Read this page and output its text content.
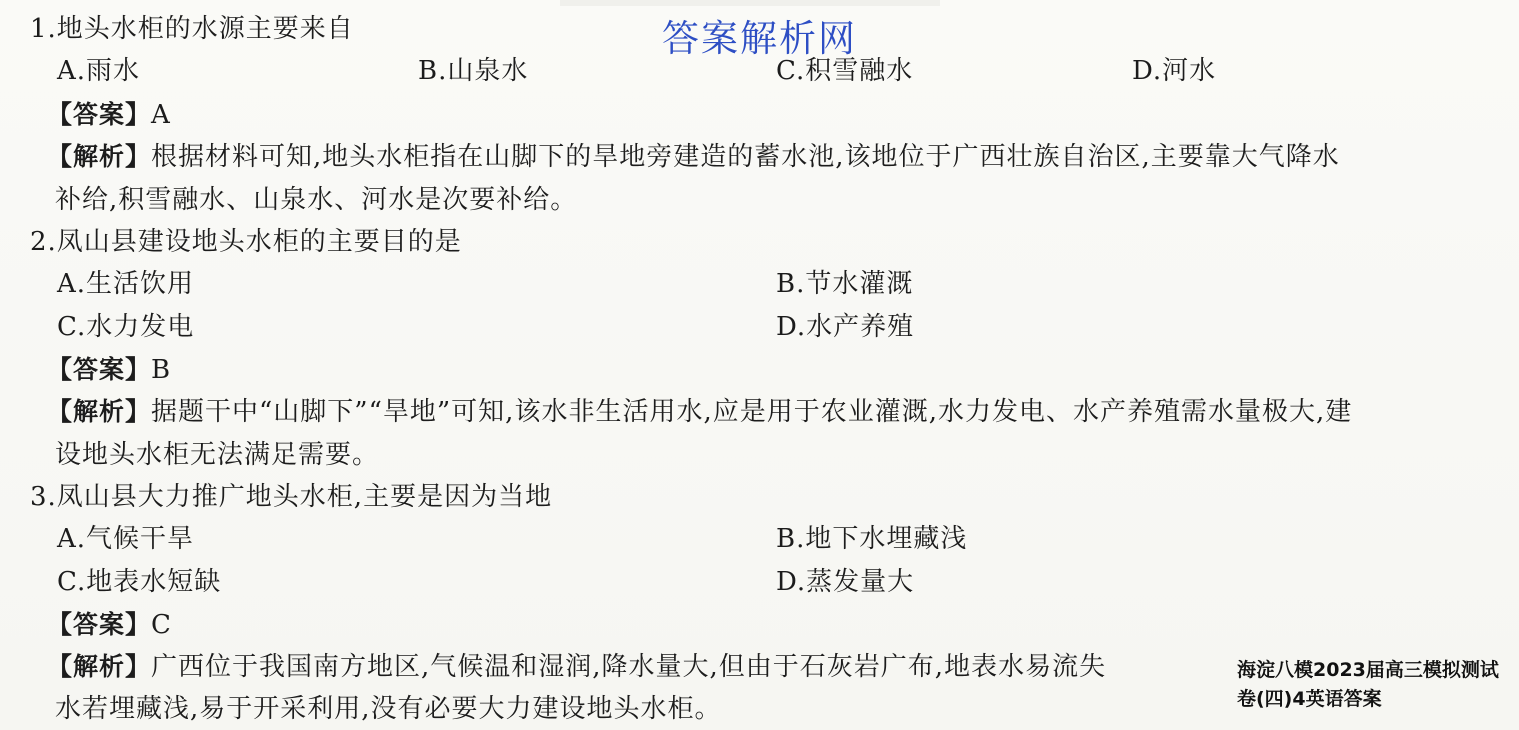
答案解析网
1.地头水柜的水源主要来自
A.雨水	B.山泉水	C.积雪融水	D.河水
【答案】A
【解析】根据材料可知,地头水柜指在山脚下的旱地旁建造的蓄水池,该地位于广西壮族自治区,主要靠大气降水
补给,积雪融水、山泉水、河水是次要补给。
2.凤山县建设地头水柜的主要目的是
A.生活饮用	B.节水灌溉
C.水力发电	D.水产养殖
【答案】B
【解析】据题干中“山脚下”“旱地”可知,该水非生活用水,应是用于农业灌溉,水力发电、水产养殖需水量极大,建
设地头水柜无法满足需要。
3.凤山县大力推广地头水柜,主要是因为当地
A.气候干旱	B.地下水埋藏浅
C.地表水短缺	D.蒸发量大
【答案】C
【解析】广西位于我国南方地区,气候温和湿润,降水量大,但由于石灰岩广布,地表水易流失
水若埋藏浅,易于开采利用,没有必要大力建设地头水柜。
海淀八模2023届高三模拟测试
卷(四)4英语答案
